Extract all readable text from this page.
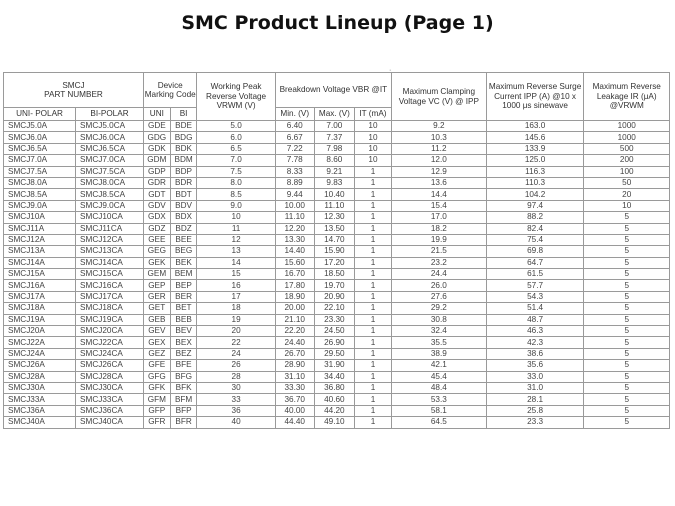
SMC Product Lineup (Page 1)
·
SMCJ
PART NUMBER		Device Marking Code		Working Peak Reverse Voltage VRWM (V)	Breakdown Voltage VBR @IT			Maximum Clamping Voltage VC (V) @ IPP	Maximum Reverse Surge Current IPP (A) @10 x 1000 μs sinewave	Maximum Reverse Leakage IR (μA) @VRWM
UNI- POLAR	BI-POLAR	UNI	BI		Min. (V)	Max. (V)	IT (mA)			
SMCJ5.0A	SMCJ5.0CA	GDE	BDE	5.0	6.40	7.00	10	9.2	163.0	1000
SMCJ6.0A	SMCJ6.0CA	GDG	BDG	6.0	6.67	7.37	10	10.3	145.6	1000
SMCJ6.5A	SMCJ6.5CA	GDK	BDK	6.5	7.22	7.98	10	11.2	133.9	500
SMCJ7.0A	SMCJ7.0CA	GDM	BDM	7.0	7.78	8.60	10	12.0	125.0	200
SMCJ7.5A	SMCJ7.5CA	GDP	BDP	7.5	8.33	9.21	1	12.9	116.3	100
SMCJ8.0A	SMCJ8.0CA	GDR	BDR	8.0	8.89	9.83	1	13.6	110.3	50
SMCJ8.5A	SMCJ8.5CA	GDT	BDT	8.5	9.44	10.40	1	14.4	104.2	20
SMCJ9.0A	SMCJ9.0CA	GDV	BDV	9.0	10.00	11.10	1	15.4	97.4	10
SMCJ10A	SMCJ10CA	GDX	BDX	10	11.10	12.30	1	17.0	88.2	5
SMCJ11A	SMCJ11CA	GDZ	BDZ	11	12.20	13.50	1	18.2	82.4	5
SMCJ12A	SMCJ12CA	GEE	BEE	12	13.30	14.70	1	19.9	75.4	5
SMCJ13A	SMCJ13CA	GEG	BEG	13	14.40	15.90	1	21.5	69.8	5
SMCJ14A	SMCJ14CA	GEK	BEK	14	15.60	17.20	1	23.2	64.7	5
SMCJ15A	SMCJ15CA	GEM	BEM	15	16.70	18.50	1	24.4	61.5	5
SMCJ16A	SMCJ16CA	GEP	BEP	16	17.80	19.70	1	26.0	57.7	5
SMCJ17A	SMCJ17CA	GER	BER	17	18.90	20.90	1	27.6	54.3	5
SMCJ18A	SMCJ18CA	GET	BET	18	20.00	22.10	1	29.2	51.4	5
SMCJ19A	SMCJ19CA	GEB	BEB	19	21.10	23.30	1	30.8	48.7	5
SMCJ20A	SMCJ20CA	GEV	BEV	20	22.20	24.50	1	32.4	46.3	5
SMCJ22A	SMCJ22CA	GEX	BEX	22	24.40	26.90	1	35.5	42.3	5
SMCJ24A	SMCJ24CA	GEZ	BEZ	24	26.70	29.50	1	38.9	38.6	5
SMCJ26A	SMCJ26CA	GFE	BFE	26	28.90	31.90	1	42.1	35.6	5
SMCJ28A	SMCJ28CA	GFG	BFG	28	31.10	34.40	1	45.4	33.0	5
SMCJ30A	SMCJ30CA	GFK	BFK	30	33.30	36.80	1	48.4	31.0	5
SMCJ33A	SMCJ33CA	GFM	BFM	33	36.70	40.60	1	53.3	28.1	5
SMCJ36A	SMCJ36CA	GFP	BFP	36	40.00	44.20	1	58.1	25.8	5
SMCJ40A	SMCJ40CA	GFR	BFR	40	44.40	49.10	1	64.5	23.3	5
